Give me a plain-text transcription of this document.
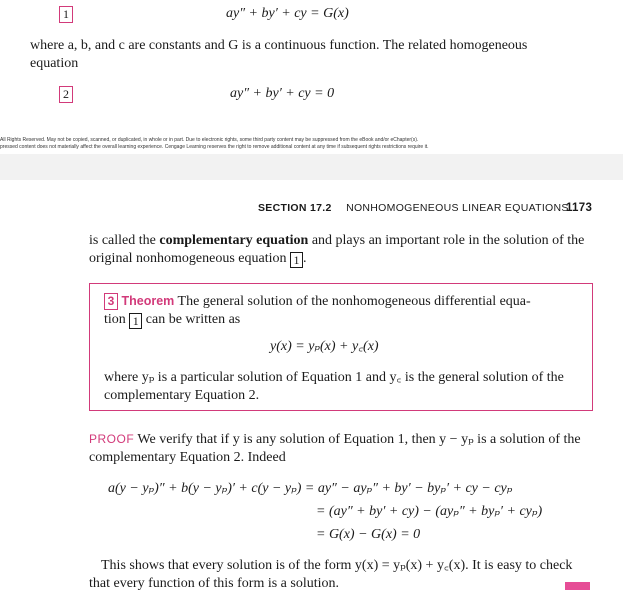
1	ay″ + by′ + cy = G(x)
where a, b, and c are constants and G is a continuous function. The related homogeneous
equation
2	ay″ + by′ + cy = 0
All Rights Reserved. May not be copied, scanned, or duplicated, in whole or in part. Due to electronic rights, some third party content may be suppressed from the eBook and/or eChapter(s).
pressed content does not materially affect the overall learning experience. Cengage Learning reserves the right to remove additional content at any time if subsequent rights restrictions require it.
SECTION 17.2 NONHOMOGENEOUS LINEAR EQUATIONS
1173
is called the complementary equation and plays an important role in the solution of the
original nonhomogeneous equation 1 .
3 Theorem The general solution of the nonhomogeneous differential equa-
tion 1 can be written as
y(x) = yₚ(x) + y꜀(x)
where yₚ is a particular solution of Equation 1 and y꜀ is the general solution of the
complementary Equation 2.
PROOF We verify that if y is any solution of Equation 1, then y − yₚ is a solution of the
complementary Equation 2. Indeed
a(y − yₚ)″ + b(y − yₚ)′ + c(y − yₚ) = ay″ − ayₚ″ + by′ − byₚ′ + cy − cyₚ
= (ay″ + by′ + cy) − (ayₚ″ + byₚ′ + cyₚ)
= G(x) − G(x) = 0
This shows that every solution is of the form y(x) = yₚ(x) + y꜀(x). It is easy to check
that every function of this form is a solution.
